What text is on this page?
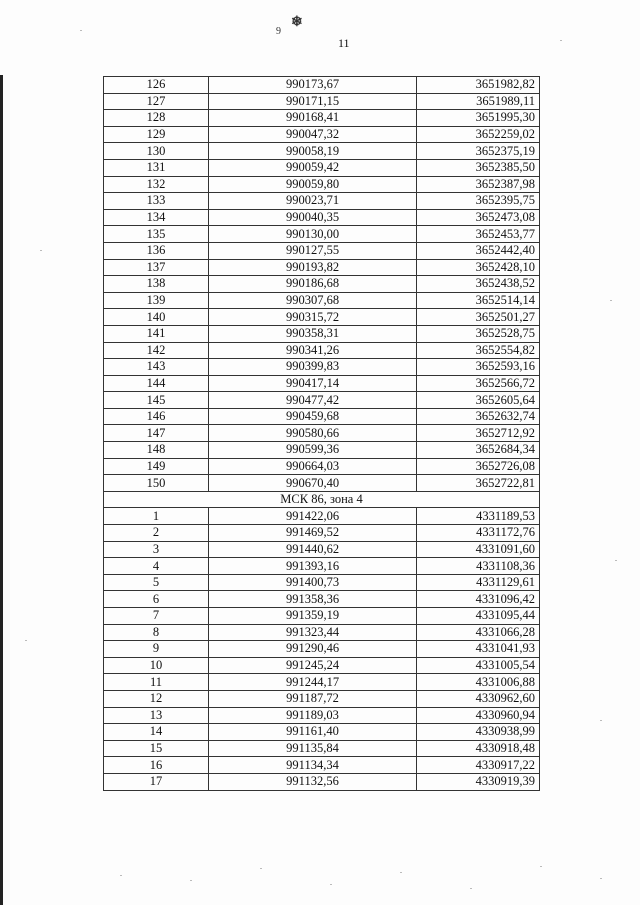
9
❄
11
126	990173,67	3651982,82
127	990171,15	3651989,11
128	990168,41	3651995,30
129	990047,32	3652259,02
130	990058,19	3652375,19
131	990059,42	3652385,50
132	990059,80	3652387,98
133	990023,71	3652395,75
134	990040,35	3652473,08
135	990130,00	3652453,77
136	990127,55	3652442,40
137	990193,82	3652428,10
138	990186,68	3652438,52
139	990307,68	3652514,14
140	990315,72	3652501,27
141	990358,31	3652528,75
142	990341,26	3652554,82
143	990399,83	3652593,16
144	990417,14	3652566,72
145	990477,42	3652605,64
146	990459,68	3652632,74
147	990580,66	3652712,92
148	990599,36	3652684,34
149	990664,03	3652726,08
150	990670,40	3652722,81
МСК 86, зона 4		
1	991422,06	4331189,53
2	991469,52	4331172,76
3	991440,62	4331091,60
4	991393,16	4331108,36
5	991400,73	4331129,61
6	991358,36	4331096,42
7	991359,19	4331095,44
8	991323,44	4331066,28
9	991290,46	4331041,93
10	991245,24	4331005,54
11	991244,17	4331006,88
12	991187,72	4330962,60
13	991189,03	4330960,94
14	991161,40	4330938,99
15	991135,84	4330918,48
16	991134,34	4330917,22
17	991132,56	4330919,39
